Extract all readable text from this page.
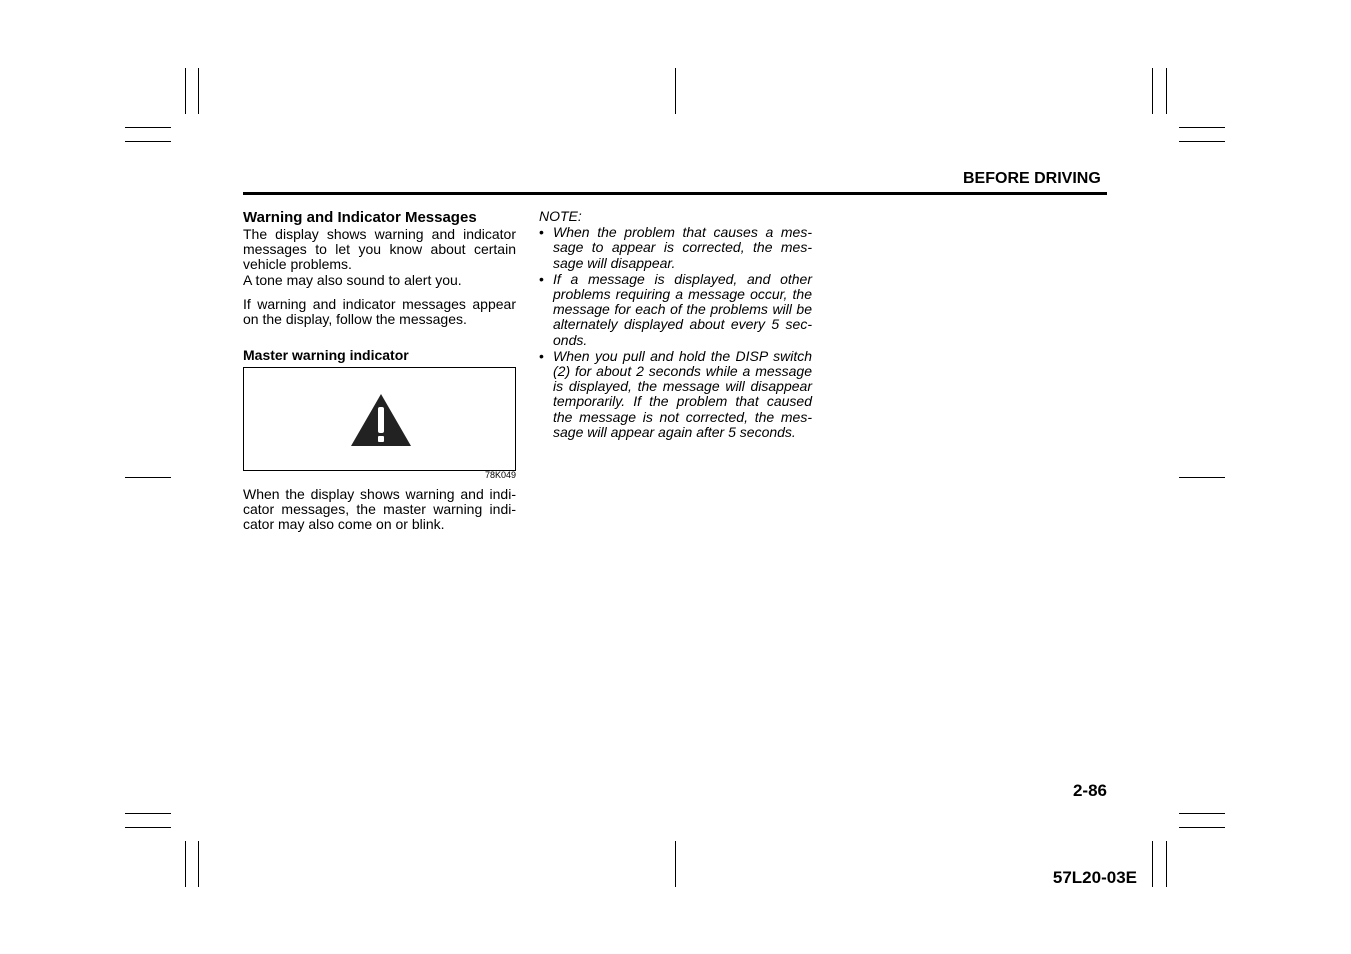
BEFORE DRIVING
Warning and Indicator Messages

The display shows warning and indicator messages to let you know about certain vehicle problems.

A tone may also sound to alert you.

If warning and indicator messages appear on the display, follow the messages.

Master warning indicator
78K049
When the display shows warning and indi-cator messages, the master warning indi-cator may also come on or blink.

NOTE:

• When the problem that causes a mes-sage to appear is corrected, the mes-sage will disappear.
• If a message is displayed, and other problems requiring a message occur, the message for each of the problems will be alternately displayed about every 5 sec-onds.
• When you pull and hold the DISP switch (2) for about 2 seconds while a message is displayed, the message will disappear temporarily. If the problem that caused the message is not corrected, the mes-sage will appear again after 5 seconds.
2-86
57L20-03E
